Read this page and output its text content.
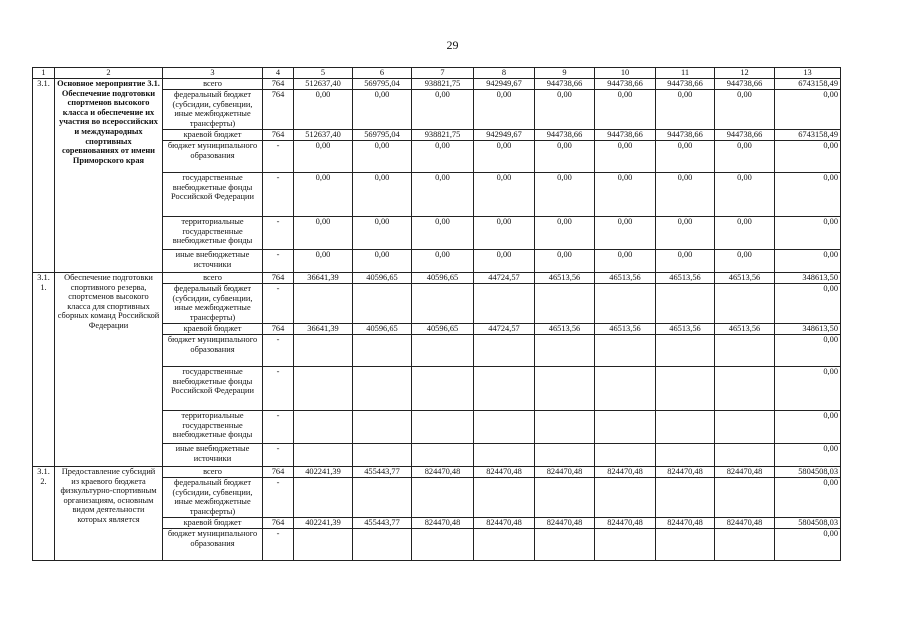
29
1	2	3	4	5	6	7	8	9	10	11	12	13
3.1.	Основное мероприятие 3.1. Обеспечение подготовки спортменов высокого класса и обеспечение их участия во всероссийских и международных спортивных соревнованиях от имени Приморского края	всего	764	512637,40	569795,04	938821,75	942949,67	944738,66	944738,66	944738,66	944738,66	6743158,49
		федеральный бюджет (субсидии, субвенции, иные межбюджетные трансферты)	764	0,00	0,00	0,00	0,00	0,00	0,00	0,00	0,00	0,00
		краевой бюджет	764	512637,40	569795,04	938821,75	942949,67	944738,66	944738,66	944738,66	944738,66	6743158,49
		бюджет муниципального образования	-	0,00	0,00	0,00	0,00	0,00	0,00	0,00	0,00	0,00
		государственные внебюджетные фонды Российской Федерации	-	0,00	0,00	0,00	0,00	0,00	0,00	0,00	0,00	0,00
		территориальные государственные внебюджетные фонды	-	0,00	0,00	0,00	0,00	0,00	0,00	0,00	0,00	0,00
		иные внебюджетные источники	-	0,00	0,00	0,00	0,00	0,00	0,00	0,00	0,00	0,00
3.1. 1.	Обеспечение подготовки спортивного резерва, спортсменов высокого класса для спортивных сборных команд Российской Федерации	всего	764	36641,39	40596,65	40596,65	44724,57	46513,56	46513,56	46513,56	46513,56	348613,50
		федеральный бюджет (субсидии, субвенции, иные межбюджетные трансферты)	-									0,00
		краевой бюджет	764	36641,39	40596,65	40596,65	44724,57	46513,56	46513,56	46513,56	46513,56	348613,50
		бюджет муниципального образования	-									0,00
		государственные внебюджетные фонды Российской Федерации	-									0,00
		территориальные государственные внебюджетные фонды	-									0,00
		иные внебюджетные источники	-									0,00
3.1. 2.	Предоставление субсидий из краевого бюджета физкультурно-спортивным организациям, основным видом деятельности которых является	всего	764	402241,39	455443,77	824470,48	824470,48	824470,48	824470,48	824470,48	824470,48	5804508,03
		федеральный бюджет (субсидии, субвенции, иные межбюджетные трансферты)	-									0,00
		краевой бюджет	764	402241,39	455443,77	824470,48	824470,48	824470,48	824470,48	824470,48	824470,48	5804508,03
		бюджет муниципального образования	-									0,00
